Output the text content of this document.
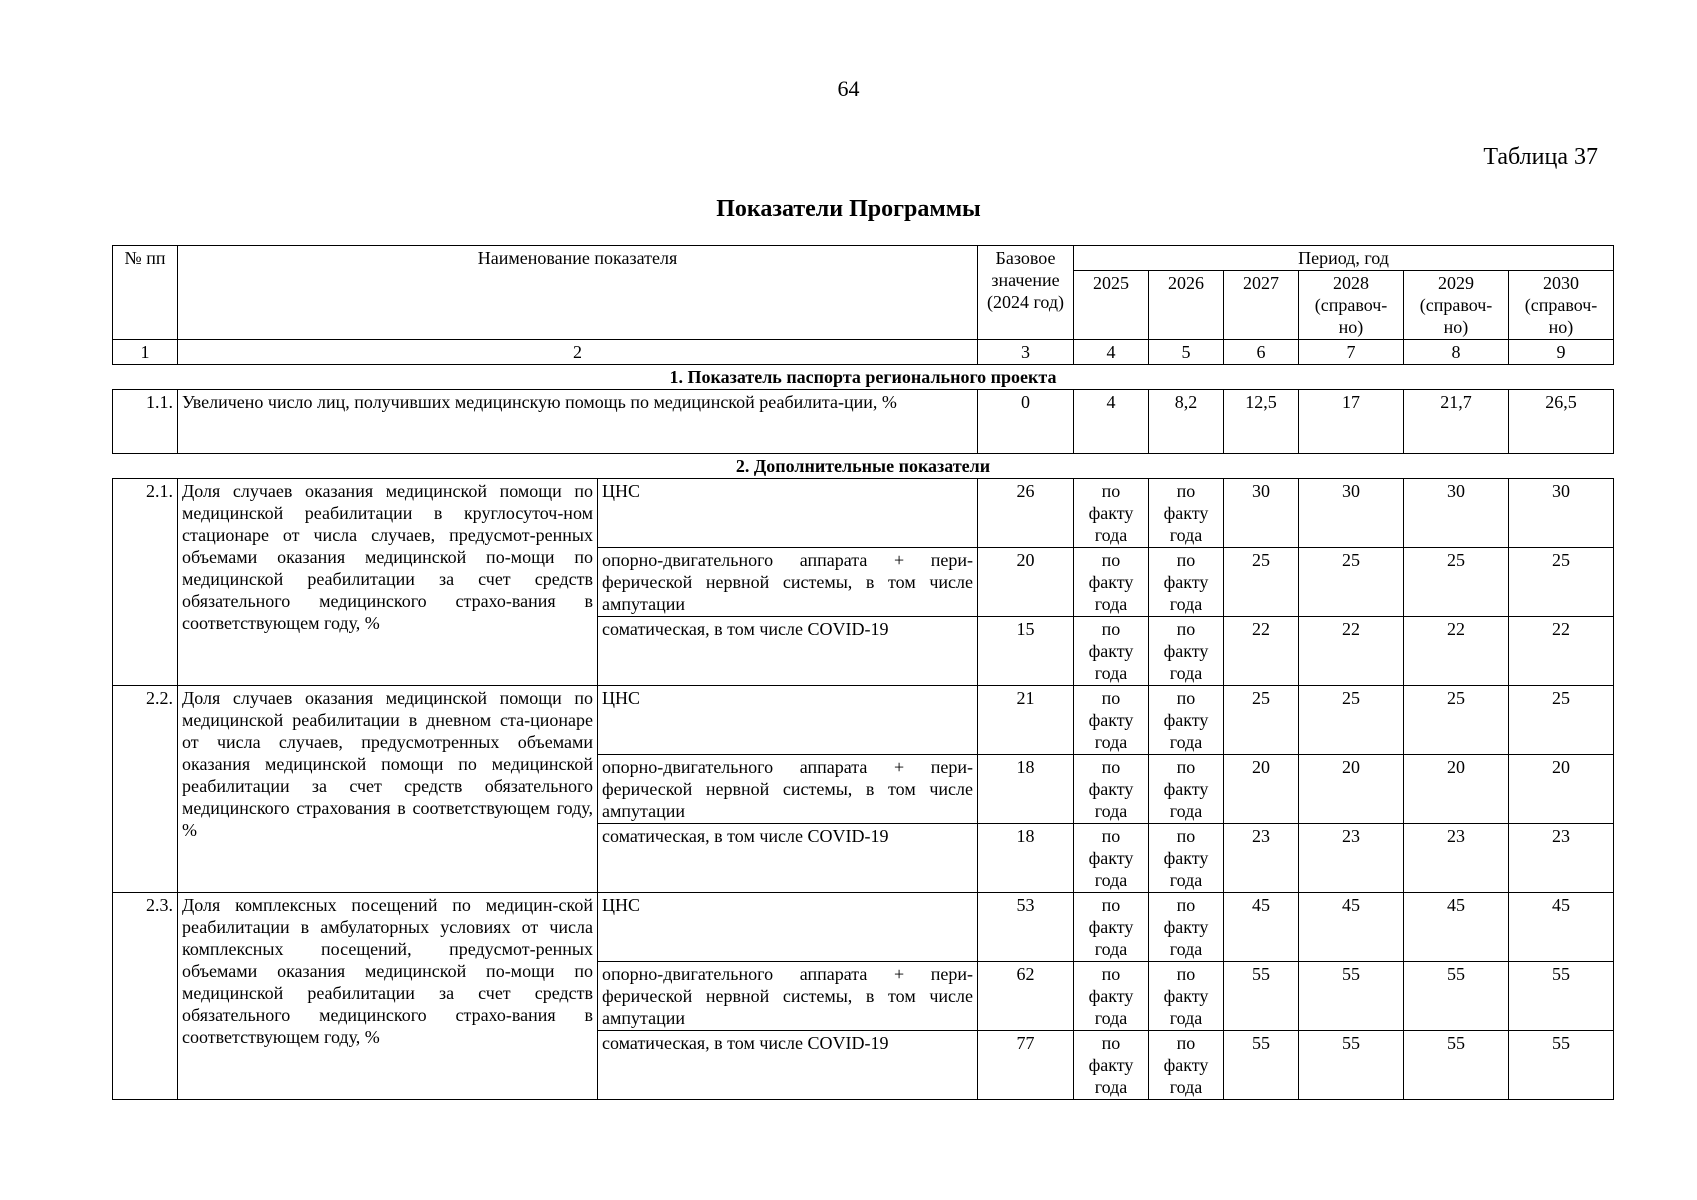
64
Таблица 37
Показатели Программы
№ пп	Наименование показателя		Базовое значение (2024 год)	Период, год					
				2025	2026	2027	2028 (справоч-но)	2029 (справоч-но)	2030 (справоч-но)
1	2		3	4	5	6	7	8	9
1. Показатель паспорта регионального проекта									
1.1.	Увеличено число лиц, получивших медицинскую помощь по медицинской реабилита-ции, %		0	4	8,2	12,5	17	21,7	26,5
2. Дополнительные показатели									
2.1.	Доля случаев оказания медицинской помощи по медицинской реабилитации в круглосуточ-ном стационаре от числа случаев, предусмот-ренных объемами оказания медицинской по-мощи по медицинской реабилитации за счет средств обязательного медицинского страхо-вания в соответствующем году, %	ЦНС	26	по факту года	по факту года	30	30	30	30
		опорно-двигательного аппарата + пери-ферической нервной системы, в том числе ампутации	20	по факту года	по факту года	25	25	25	25
		соматическая, в том числе COVID-19	15	по факту года	по факту года	22	22	22	22
2.2.	Доля случаев оказания медицинской помощи по медицинской реабилитации в дневном ста-ционаре от числа случаев, предусмотренных объемами оказания медицинской помощи по медицинской реабилитации за счет средств обязательного медицинского страхования в соответствующем году, %	ЦНС	21	по факту года	по факту года	25	25	25	25
		опорно-двигательного аппарата + пери-ферической нервной системы, в том числе ампутации	18	по факту года	по факту года	20	20	20	20
		соматическая, в том числе COVID-19	18	по факту года	по факту года	23	23	23	23
2.3.	Доля комплексных посещений по медицин-ской реабилитации в амбулаторных условиях от числа комплексных посещений, предусмот-ренных объемами оказания медицинской по-мощи по медицинской реабилитации за счет средств обязательного медицинского страхо-вания в соответствующем году, %	ЦНС	53	по факту года	по факту года	45	45	45	45
		опорно-двигательного аппарата + пери-ферической нервной системы, в том числе ампутации	62	по факту года	по факту года	55	55	55	55
		соматическая, в том числе COVID-19	77	по факту года	по факту года	55	55	55	55
